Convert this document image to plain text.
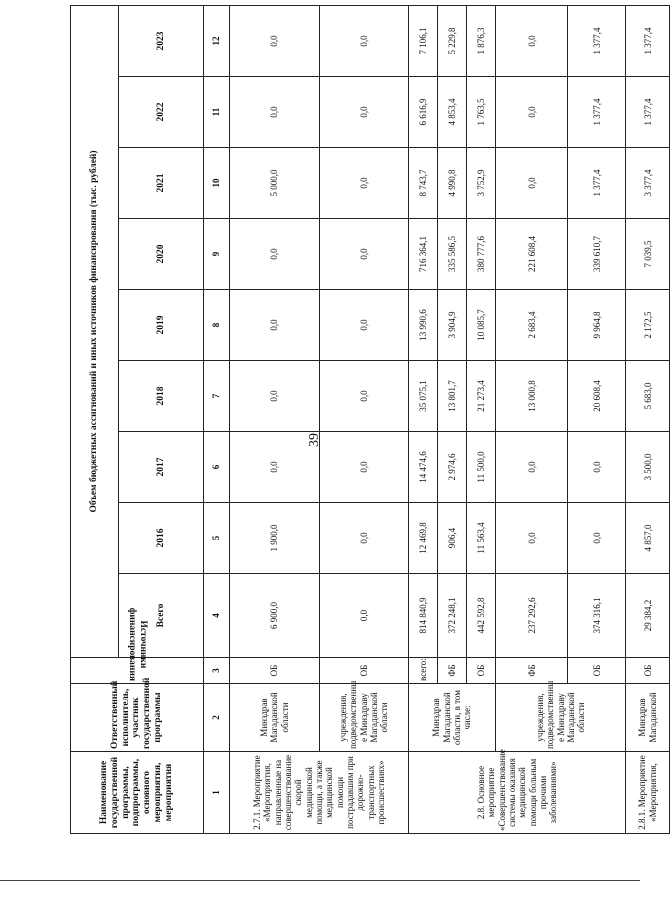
39
Наименование государственной программы, подпрограммы, основного мероприятия, мероприятия	Ответственный исполнитель, участник государственной программы	Источники финансирования	Объем бюджетных ассигнований и иных источников финансирования (тыс. рублей)								
			Всего	2016	2017	2018	2019	2020	2021	2022	2023
1	2	3	4	5	6	7	8	9	10	11	12
2.7.1. Мероприятие «Мероприятия, направленные на совершенствование скорой медицинской помощи, а также медицинской помощи пострадавшим при дорожно-транспортных происшествиях»	Минздрав Магаданской области	ОБ	6 900,0	1 900,0	0,0	0,0	0,0	0,0	5 000,0	0,0	0,0
	учреждения, подведомственны е Минздраву Магаданской области	ОБ	0,0	0,0	0,0	0,0	0,0	0,0	0,0	0,0	0,0
2.8. Основное мероприятие «Совершенствование системы оказания медицинской помощи больным прочими заболеваниями»	Минздрав Магаданской области, в том числе:	всего:	814 840,9	12 469,8	14 474,6	35 075,1	13 990,6	716 364,1	8 743,7	6 616,9	7 106,1
		ФБ	372 248,1	906,4	2 974,6	13 801,7	3 904,9	335 586,5	4 990,8	4 853,4	5 229,8
		ОБ	442 592,8	11 563,4	11 500,0	21 273,4	10 085,7	380 777,6	3 752,9	1 763,5	1 876,3
	учреждения, подведомственны е Минздраву Магаданской области	ФБ	237 292,6	0,0	0,0	13 000,8	2 683,4	221 608,4	0,0	0,0	0,0
		ОБ	374 316,1	0,0	0,0	20 608,4	9 964,8	339 610,7	1 377,4	1 377,4	1 377,4
2.8.1. Мероприятие «Мероприятия,	Минздрав Магаданской	ОБ	29 384,2	4 857,0	3 500,0	5 683,0	2 172,5	7 039,5	3 377,4	1 377,4	1 377,4
